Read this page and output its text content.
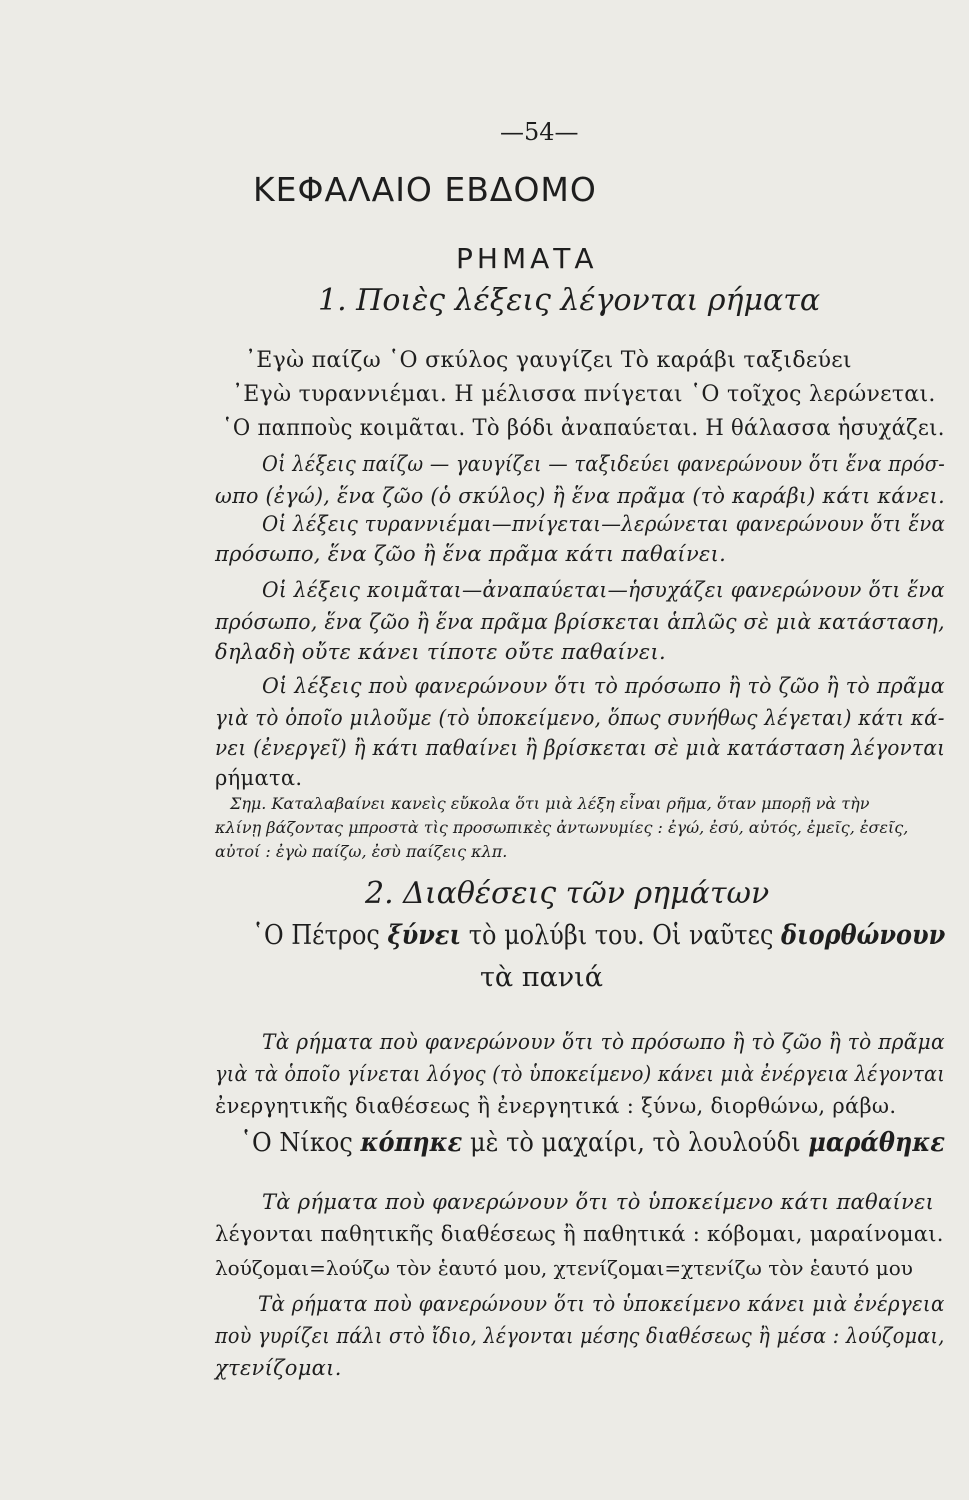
—54—
ΚΕΦΑΛΑΙΟ ΕΒΔΟΜΟ
ΡΗΜΑΤΑ
1. Ποιὲς λέξεις λέγονται ρήματα
᾿Εγὼ παίζω ῾Ο σκύλος γαυγίζει Τὸ καράβι ταξιδεύει
᾿Εγὼ τυραννιέμαι. Η μέλισσα πνίγεται ῾Ο τοῖχος λερώνεται.
῾Ο παπποὺς κοιμᾶται. Τὸ βόδι ἀναπαύεται. Η θάλασσα ἡσυχάζει.
Οἱ λέξεις παίζω — γαυγίζει — ταξιδεύει φανερώνουν ὅτι ἕνα πρόσ-
ωπο (ἐγώ), ἕνα ζῶο (ὁ σκύλος) ἢ ἕνα πρᾶμα (τὸ καράβι) κάτι κάνει.
Οἱ λέξεις τυραννιέμαι—πνίγεται—λερώνεται φανερώνουν ὅτι ἕνα
πρόσωπο, ἕνα ζῶο ἢ ἕνα πρᾶμα κάτι παθαίνει.
Οἱ λέξεις κοιμᾶται—ἀναπαύεται—ἡσυχάζει φανερώνουν ὅτι ἕνα
πρόσωπο, ἕνα ζῶο ἢ ἕνα πρᾶμα βρίσκεται ἁπλῶς σὲ μιὰ κατάσταση,
δηλαδὴ οὔτε κάνει τίποτε οὔτε παθαίνει.
Οἱ λέξεις ποὺ φανερώνουν ὅτι τὸ πρόσωπο ἢ τὸ ζῶο ἢ τὸ πρᾶμα
γιὰ τὸ ὁποῖο μιλοῦμε (τὸ ὑποκείμενο, ὅπως συνήθως λέγεται) κάτι κά-
νει (ἐνεργεῖ) ἢ κάτι παθαίνει ἢ βρίσκεται σὲ μιὰ κατάσταση λέγονται
ρήματα.
Σημ. Καταλαβαίνει κανεὶς εὔκολα ὅτι μιὰ λέξη εἶναι ρῆμα, ὅταν μπορῇ νὰ τὴν
κλίνῃ βάζοντας μπροστὰ τὶς προσωπικὲς ἀντωνυμίες : ἐγώ, ἐσύ, αὐτός, ἐμεῖς, ἐσεῖς,
αὐτοί : ἐγὼ παίζω, ἐσὺ παίζεις κλπ.
2. Διαθέσεις τῶν ρημάτων
῾Ο Πέτρος ξύνει τὸ μολύβι του. Οἱ ναῦτες διορθώνουν
τὰ πανιά
Τὰ ρήματα ποὺ φανερώνουν ὅτι τὸ πρόσωπο ἢ τὸ ζῶο ἢ τὸ πρᾶμα
γιὰ τὰ ὁποῖο γίνεται λόγος (τὸ ὑποκείμενο) κάνει μιὰ ἐνέργεια λέγονται
ἐνεργητικῆς διαθέσεως ἢ ἐνεργητικά : ξύνω, διορθώνω, ράβω.
῾Ο Νίκος κόπηκε μὲ τὸ μαχαίρι, τὸ λουλούδι μαράθηκε
Τὰ ρήματα ποὺ φανερώνουν ὅτι τὸ ὑποκείμενο κάτι παθαίνει
λέγονται παθητικῆς διαθέσεως ἢ παθητικά : κόβομαι, μαραίνομαι.
λούζομαι=λούζω τὸν ἑαυτό μου, χτενίζομαι=χτενίζω τὸν ἑαυτό μου
Τὰ ρήματα ποὺ φανερώνουν ὅτι τὸ ὑποκείμενο κάνει μιὰ ἐνέργεια
ποὺ γυρίζει πάλι στὸ ἴδιο, λέγονται μέσης διαθέσεως ἢ μέσα : λούζομαι,
χτενίζομαι.
